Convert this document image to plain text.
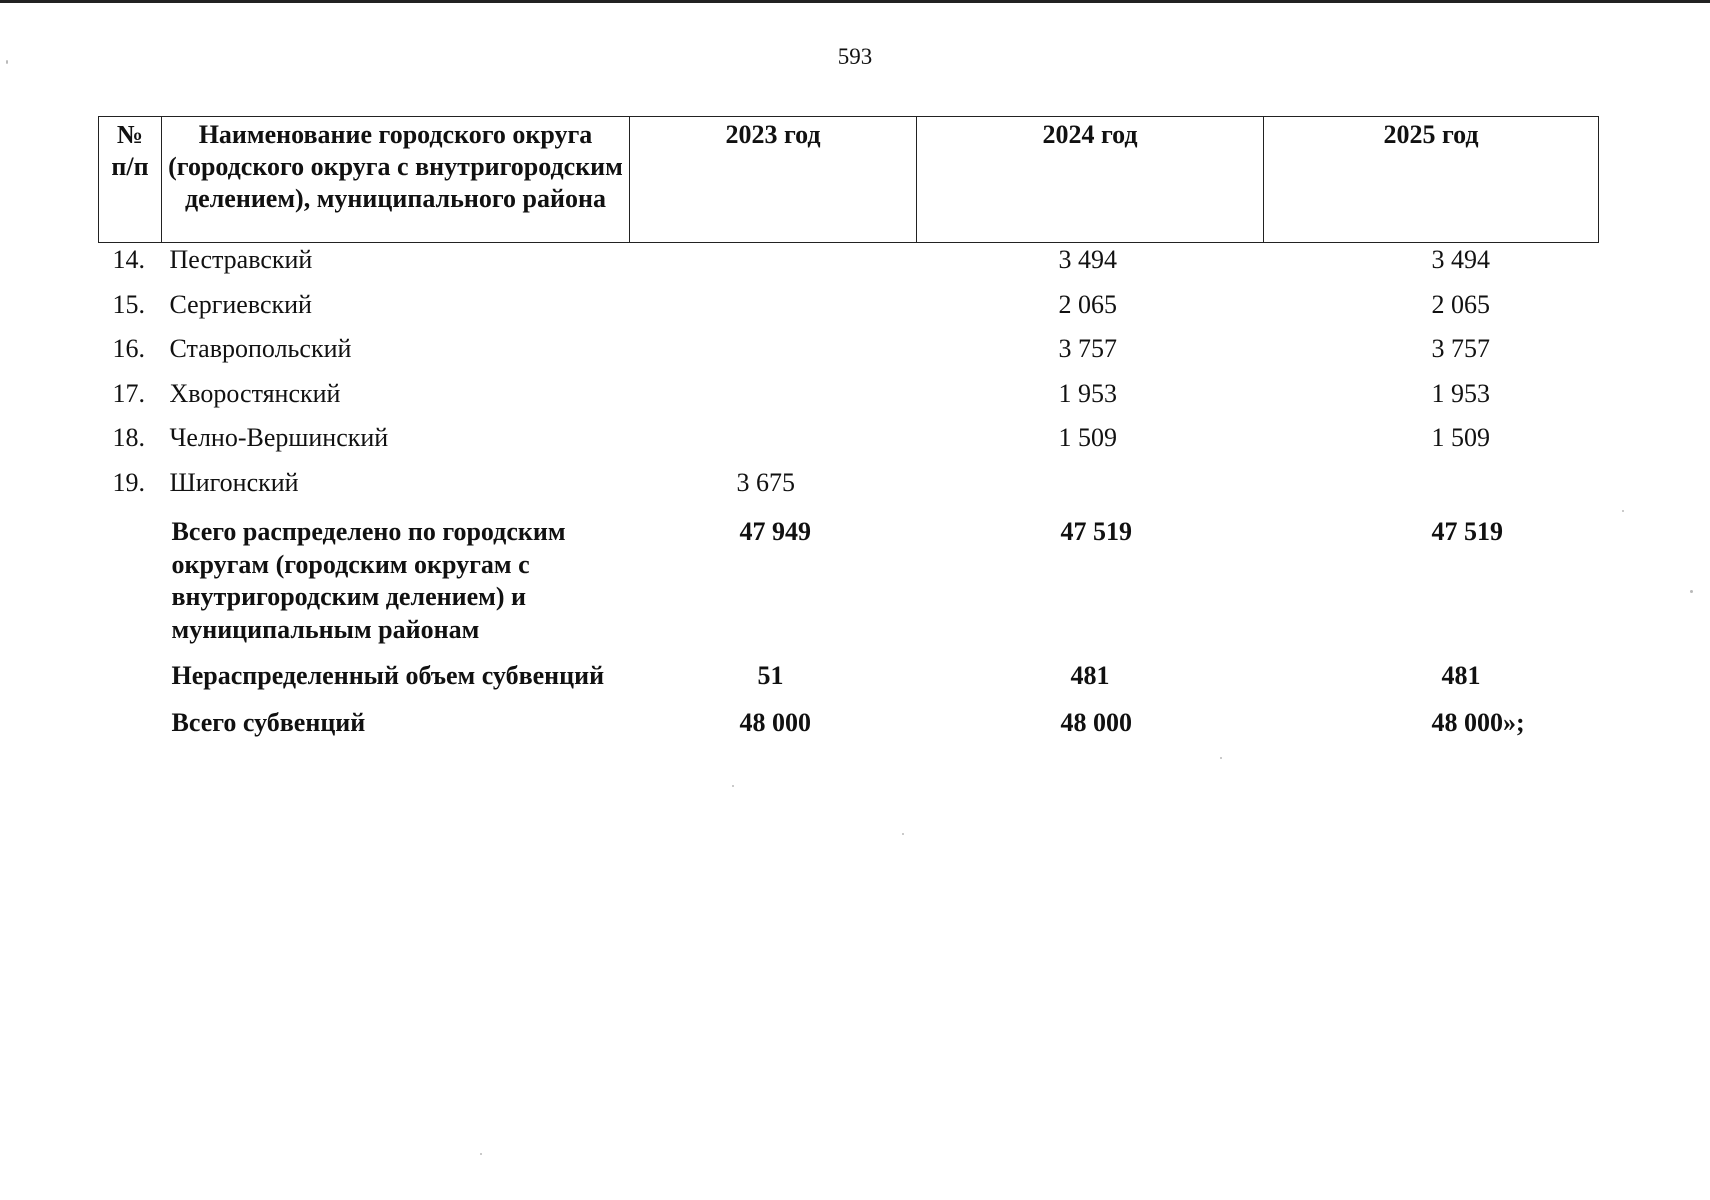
593
№ п/п	Наименование городского округа (городского округа с внутригородским делением), муниципального района	2023 год	2024 год	2025 год
14.	Пестравский		3 494	3 494
15.	Сергиевский		2 065	2 065
16.	Ставропольский		3 757	3 757
17.	Хворостянский		1 953	1 953
18.	Челно-Вершинский		1 509	1 509
19.	Шигонский	3 675		
	Всего распределено по городским округам (городским округам с внутригородским делением) и муниципальным районам	47 949	47 519	47 519
	Нераспределенный объем субвенций	51	481	481
	Всего субвенций	48 000	48 000	48 000»;
